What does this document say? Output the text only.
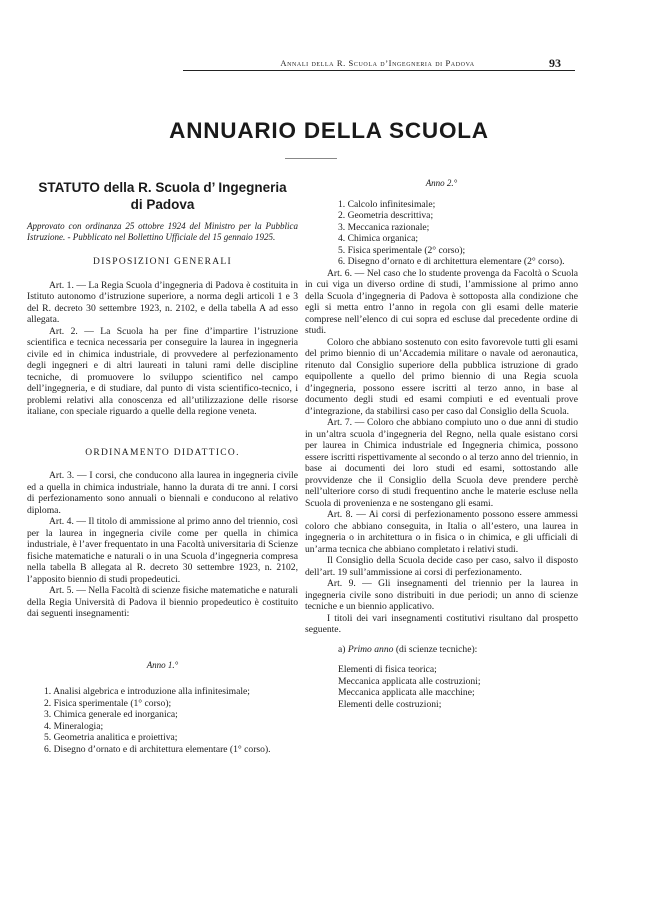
Annali della R. Scuola d’Ingegneria di Padova	93
ANNUARIO DELLA SCUOLA
STATUTO della R. Scuola d’ Ingegneria
di Padova

Approvato con ordinanza 25 ottobre 1924 del Ministro per la Pubblica Istruzione. - Pubblicato nel Bollettino Ufficiale del 15 gennaio 1925.

DISPOSIZIONI GENERALI

Art. 1. — La Regia Scuola d’ingegneria di Padova è costituita in Istituto autonomo d’istruzione superiore, a norma degli articoli 1 e 3 del R. decreto 30 settembre 1923, n. 2102, e della tabella A ad esso allegata.

Art. 2. — La Scuola ha per fine d’impartire l’istruzione scientifica e tecnica necessaria per conseguire la laurea in ingegneria civile ed in chimica industriale, di provvedere al perfezionamento degli ingegneri e di altri laureati in taluni rami delle discipline tecniche, di promuovere lo sviluppo scientifico nel campo dell’ingegneria, e di studiare, dal punto di vista scientifico-tecnico, i problemi relativi alla conoscenza ed all’utilizzazione delle risorse italiane, con speciale riguardo a quelle della regione veneta.

ORDINAMENTO DIDATTICO.

Art. 3. — I corsi, che conducono alla laurea in ingegneria civile ed a quella in chimica industriale, hanno la durata di tre anni. I corsi di perfezionamento sono annuali o biennali e conducono al relativo diploma.

Art. 4. — Il titolo di ammissione al primo anno del triennio, così per la laurea in ingegneria civile come per quella in chimica industriale, è l’aver frequentato in una Facoltà universitaria di Scienze fisiche matematiche e naturali o in una Scuola d’ingegneria compresa nella tabella B allegata al R. decreto 30 settembre 1923, n. 2102, l’apposito biennio di studi propedeutici.

Art. 5. — Nella Facoltà di scienze fisiche matematiche e naturali della Regia Università di Padova il biennio propedeutico è costituito dai seguenti insegnamenti:

Anno 1.°

1. Analisi algebrica e introduzione alla infinitesimale;

2. Fisica sperimentale (1° corso);

3. Chimica generale ed inorganica;

4. Mineralogia;

5. Geometria analitica e proiettiva;

6. Disegno d’ornato e di architettura elementare (1° corso).

Anno 2.°

1. Calcolo infinitesimale;

2. Geometria descrittiva;

3. Meccanica razionale;

4. Chimica organica;

5. Fisica sperimentale (2° corso);

6. Disegno d’ornato e di architettura elementare (2° corso).

Art. 6. — Nel caso che lo studente provenga da Facoltà o Scuola in cui viga un diverso ordine di studi, l’ammissione al primo anno della Scuola d’ingegneria di Padova è sottoposta alla condizione che egli si metta entro l’anno in regola con gli esami delle materie comprese nell’elenco di cui sopra ed escluse dal precedente ordine di studi.

Coloro che abbiano sostenuto con esito favorevole tutti gli esami del primo biennio di un’Accademia militare o navale od aeronautica, ritenuto dal Consiglio superiore della pubblica istruzione di grado equipollente a quello del primo biennio di una Regia scuola d’ingegneria, possono essere iscritti al terzo anno, in base al documento degli studi ed esami compiuti e ed eventuali prove d’integrazione, da stabilirsi caso per caso dal Consiglio della Scuola.

Art. 7. — Coloro che abbiano compiuto uno o due anni di studio in un’altra scuola d’ingegneria del Regno, nella quale esistano corsi per laurea in Chimica industriale ed Ingegneria chimica, possono essere iscritti rispettivamente al secondo o al terzo anno del triennio, in base ai documenti dei loro studi ed esami, sottostando alle provvidenze che il Consiglio della Scuola deve prendere perchè nell’ulteriore corso di studi frequentino anche le materie escluse nella Scuola di provenienza e ne sostengano gli esami.

Art. 8. — Ai corsi di perfezionamento possono essere ammessi coloro che abbiano conseguita, in Italia o all’estero, una laurea in ingegneria o in architettura o in fisica o in chimica, e gli ufficiali di un’arma tecnica che abbiano completato i relativi studi.

Il Consiglio della Scuola decide caso per caso, salvo il disposto dell’art. 19 sull’ammissione ai corsi di perfezionamento.

Art. 9. — Gli insegnamenti del triennio per la laurea in ingegneria civile sono distribuiti in due periodi; un anno di scienze tecniche e un biennio applicativo.

I titoli dei vari insegnamenti costitutivi risultano dal prospetto seguente.

a) Primo anno (di scienze tecniche):

Elementi di fisica teorica;

Meccanica applicata alle costruzioni;

Meccanica applicata alle macchine;

Elementi delle costruzioni;
